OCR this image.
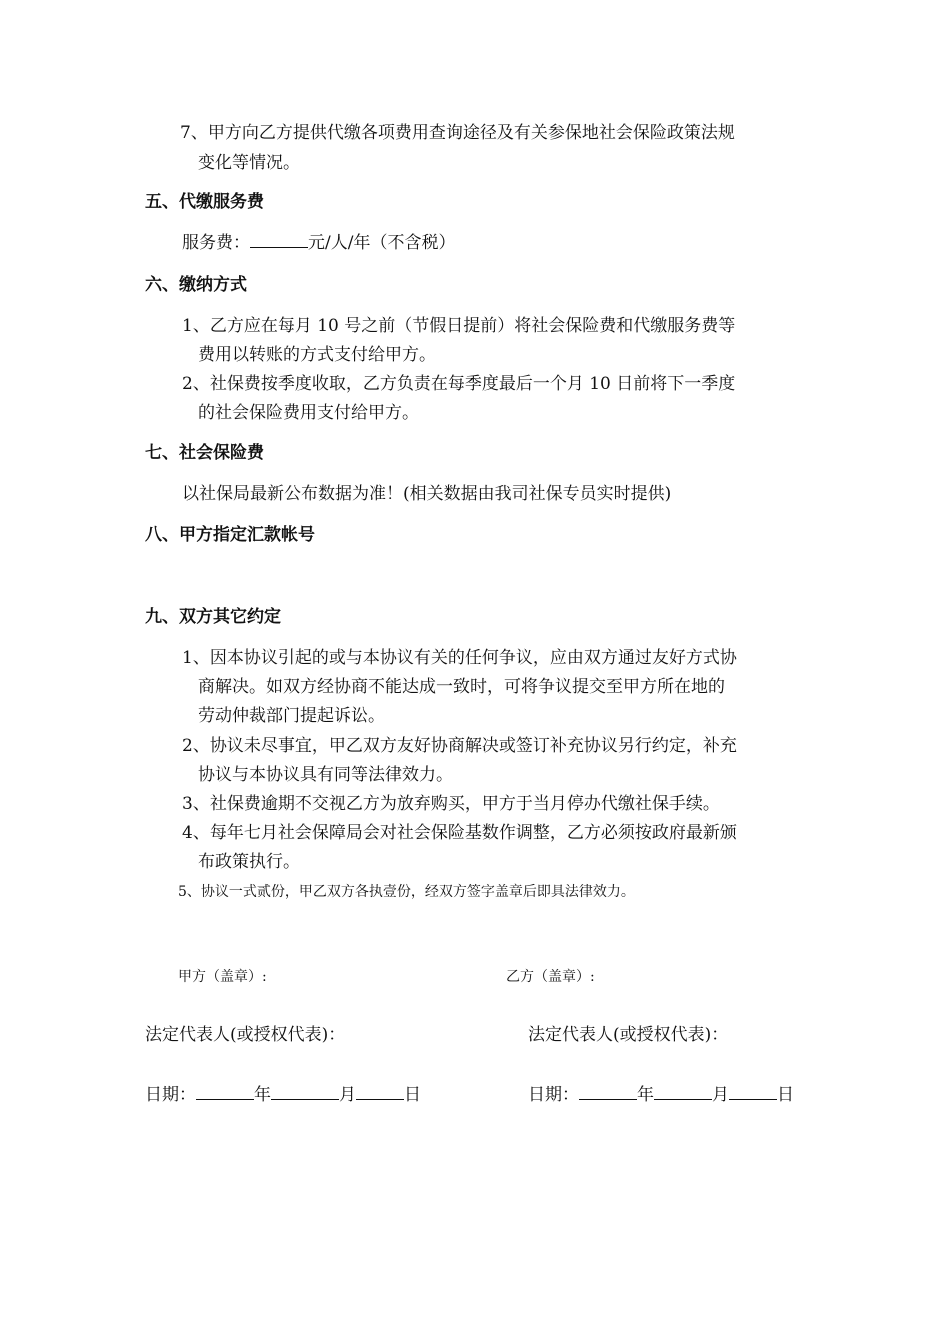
7、甲方向乙方提供代缴各项费用查询途径及有关参保地社会保险政策法规
变化等情况。
五、代缴服务费
服务费：	元/人/年（不含税）
六、缴纳方式
1、乙方应在每月 10 号之前（节假日提前）将社会保险费和代缴服务费等
费用以转账的方式支付给甲方。
2、社保费按季度收取，乙方负责在每季度最后一个月 10 日前将下一季度
的社会保险费用支付给甲方。
七、社会保险费
以社保局最新公布数据为准！(相关数据由我司社保专员实时提供)
八、甲方指定汇款帐号
九、双方其它约定
1、因本协议引起的或与本协议有关的任何争议，应由双方通过友好方式协
商解决。如双方经协商不能达成一致时，可将争议提交至甲方所在地的
劳动仲裁部门提起诉讼。
2、协议未尽事宜，甲乙双方友好协商解决或签订补充协议另行约定，补充
协议与本协议具有同等法律效力。
3、社保费逾期不交视乙方为放弃购买，甲方于当月停办代缴社保手续。
4、每年七月社会保障局会对社会保险基数作调整，乙方必须按政府最新颁
布政策执行。
5、协议一式贰份，甲乙双方各执壹份，经双方签字盖章后即具法律效力。
甲方（盖章）:	乙方（盖章）:
法定代表人(或授权代表)：	法定代表人(或授权代表)：
日期：	年	月	日	日期：	年	月	日
